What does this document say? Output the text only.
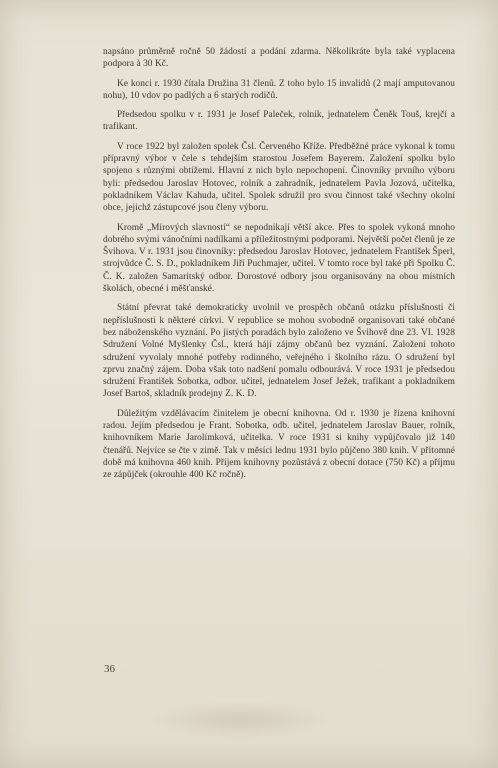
napsáno průměrně ročně 50 žádostí a podání zdarma. Několikráte byla také vyplacena podpora à 30 Kč.

Ke konci r. 1930 čítala Družina 31 členů. Z toho bylo 15 invalidů (2 mají amputovanou nohu), 10 vdov po padlých a 6 starých rodičů.

Předsedou spolku v r. 1931 je Josef Paleček, rolník, jednatelem Čeněk Touš, krejčí a trafikant.

V roce 1922 byl založen spolek Čsl. Červeného Kříže. Předběžné práce vykonal k tomu přípravný výbor v čele s tehdejším starostou Josefem Bayerem. Založení spolku bylo spojeno s různými obtížemi. Hlavní z nich bylo nepochopení. Činovníky prvního výboru byli: předsedou Jaroslav Hotovec, rolník a zahradník, jednatelem Pavla Jozová, učitelka, pokladníkem Václav Kahuda, učitel. Spolek sdružil pro svou činnost také všechny okolní obce, jejichž zástupcové jsou členy výboru.

Kromě „Mírových slavností“ se nepodnikají větší akce. Přes to spolek vykoná mnoho dobrého svými vánočními nadílkami a příležitostnými podporami. Největší počet členů je ze Švihova. V r. 1931 jsou činovníky: předsedou Jaroslav Hotovec, jednatelem František Šperl, strojvůdce Č. S. D., pokladníkem Jiří Puchmajer, učitel. V tomto roce byl také při Spolku Č. Č. K. založen Samaritský odbor. Dorostové odbory jsou organisovány na obou místních školách, obecné i měšťanské.

Státní převrat také demokraticky uvolnil ve prospěch občanů otázku příslušnosti či nepříslušnosti k některé církvi. V republice se mohou svobodně organisovati také občané bez náboženského vyznání. Po jistých poradách bylo založeno ve Švihově dne 23. VI. 1928 Sdružení Volné Myšlenky Čsl., která hájí zájmy občanů bez vyznání. Založení tohoto sdružení vyvolaly mnohé potřeby rodinného, veřejného i školního rázu. O sdružení byl zprvu značný zájem. Doba však toto nadšení pomalu odbourává. V roce 1931 je předsedou sdružení František Sobotka, odbor. učitel, jednatelem Josef Ježek, trafikant a pokladníkem Josef Bartoš, skladník prodejny Z. K. D.

Důležitým vzdělávacím činitelem je obecní knihovna. Od r. 1930 je řízena knihovní radou. Jejím předsedou je Frant. Sobotka, odb. učitel, jednatelem Jaroslav Bauer, rolník, knihovníkem Marie Jarolímková, učitelka. V roce 1931 si knihy vypůjčovalo již 140 čtenářů. Nejvíce se čte v zimě. Tak v měsíci lednu 1931 bylo půjčeno 380 knih. V přítomné době má knihovna 460 knih. Příjem knihovny pozůstává z obecní dotace (750 Kč) a příjmu ze zápůjček (okrouhle 400 Kč ročně).

36
